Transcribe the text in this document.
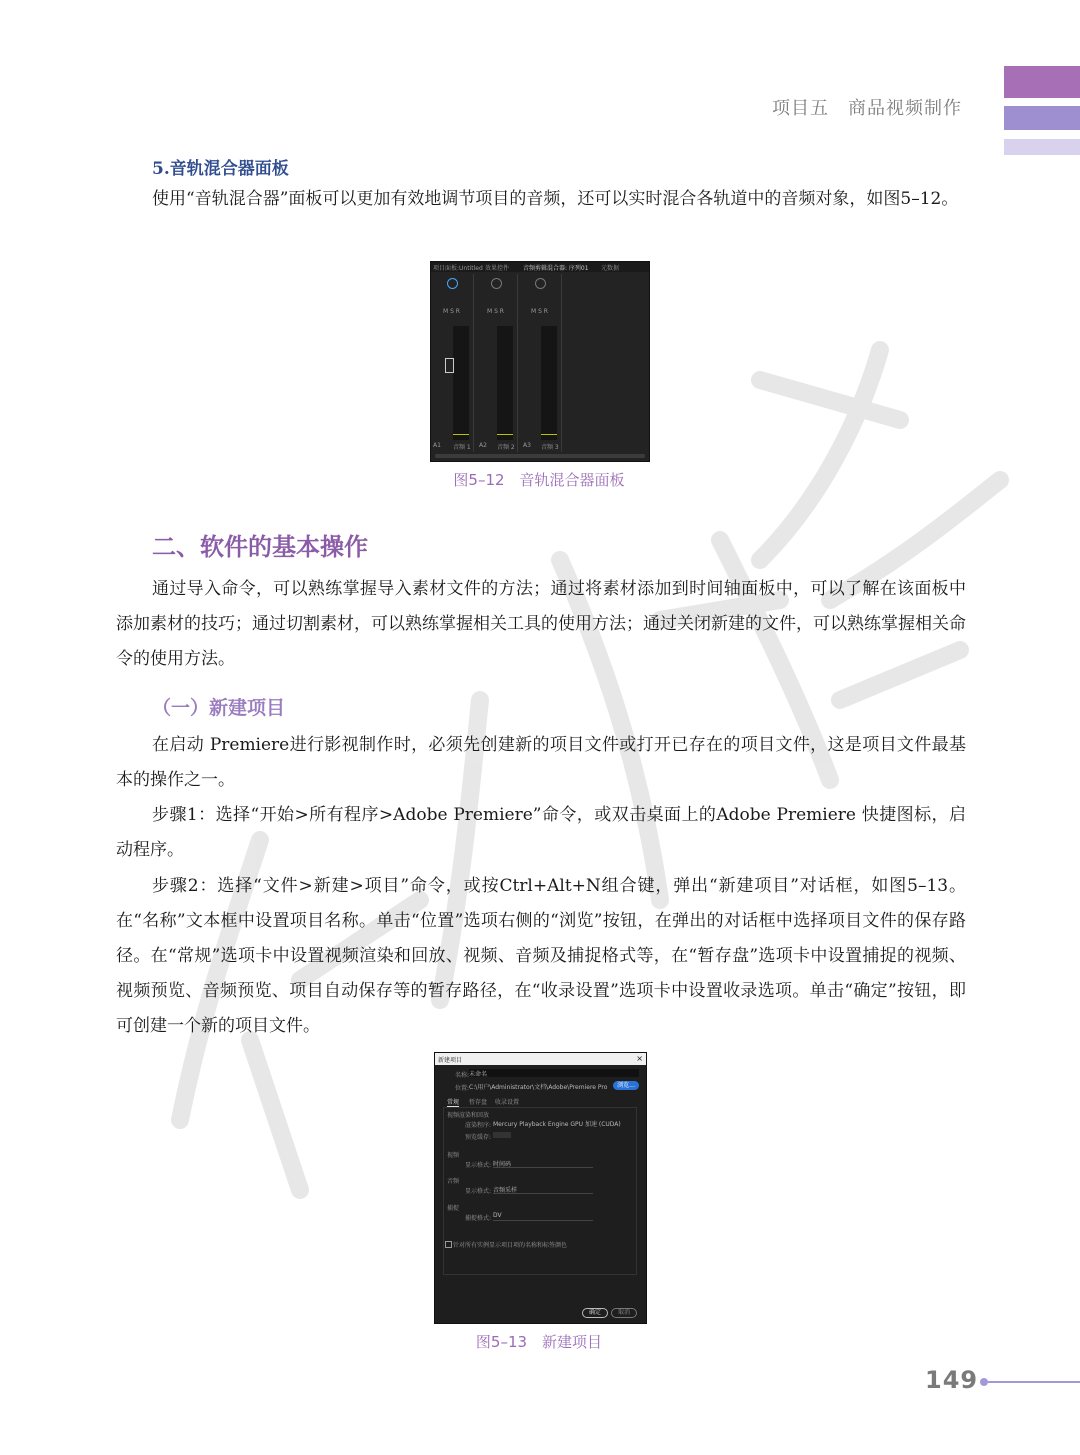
项目五　商品视频制作
5.音轨混合器面板

使用“音轨混合器”面板可以更加有效地调节项目的音频，还可以实时混合各轨道中的音频对象，如图5–12。

项目面板:Untitled 效果控件 音频剪辑混合器: 序列01 元数据
M S R	M S R	M S R
A1 音频 1 A2 音频 2 A3 音频 3
图5–12　音轨混合器面板
二、软件的基本操作

通过导入命令，可以熟练掌握导入素材文件的方法；通过将素材添加到时间轴面板中，可以了解在该面板中添加素材的技巧；通过切割素材，可以熟练掌握相关工具的使用方法；通过关闭新建的文件，可以熟练掌握相关命令的使用方法。

（一）新建项目

在启动 Premiere进行影视制作时，必须先创建新的项目文件或打开已存在的项目文件，这是项目文件最基本的操作之一。

步骤1：选择“开始>所有程序>Adobe Premiere”命令，或双击桌面上的Adobe Premiere 快捷图标，启动程序。

步骤2：选择“文件>新建>项目”命令，或按Ctrl+Alt+N组合键，弹出“新建项目”对话框，如图5–13。在“名称”文本框中设置项目名称。单击“位置”选项右侧的“浏览”按钮，在弹出的对话框中选择项目文件的保存路径。在“常规”选项卡中设置视频渲染和回放、视频、音频及捕捉格式等，在“暂存盘”选项卡中设置捕捉的视频、视频预览、音频预览、项目自动保存等的暂存路径，在“收录设置”选项卡中设置收录选项。单击“确定”按钮，即可创建一个新的项目文件。

新建项目	×
名称: 未命名
位置: C:\用户\Administrator\文档\Adobe\Premiere Pro	浏览...
常规 暂存盘 收录设置
视频渲染和回放
渲染程序: Mercury Playback Engine GPU 加速 (CUDA)
预览缓存:
视频
显示格式: 时间码
音频
显示格式: 音频采样
捕捉
捕捉格式: DV
针对所有实例显示项目项的名称和标签颜色
确定	取消
图5–13　新建项目
149
